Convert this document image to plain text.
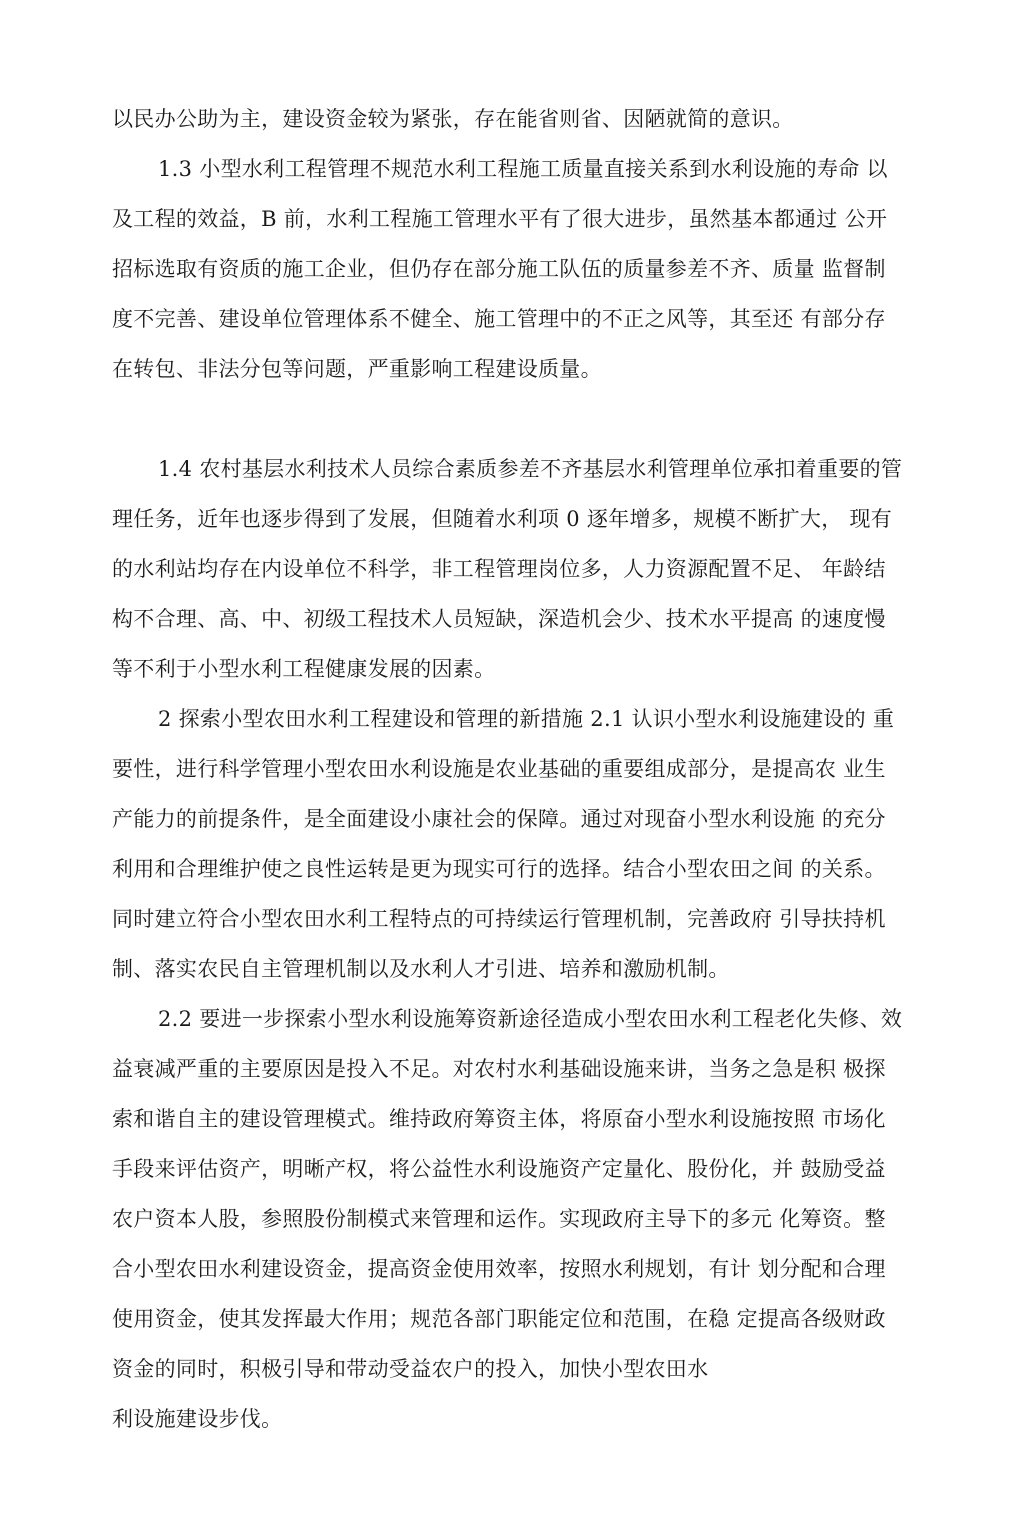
以民办公助为主，建设资金较为紧张，存在能省则省、因陋就简的意识。
1.3 小型水利工程管理不规范水利工程施工质量直接关系到水利设施的寿命 以
及工程的效益，B 前，水利工程施工管理水平有了很大进步，虽然基本都通过 公开
招标选取有资质的施工企业，但仍存在部分施工队伍的质量参差不齐、质量 监督制
度不完善、建设单位管理体系不健全、施工管理中的不正之风等，其至还 有部分存
在转包、非法分包等问题，严重影响工程建设质量。
1.4 农村基层水利技术人员综合素质参差不齐基层水利管理单位承扣着重要的管
理任务，近年也逐步得到了发展，但随着水利项 0 逐年增多，规模不断扩大， 现有
的水利站均存在内设单位不科学，非工程管理岗位多，人力资源配置不足、 年龄结
构不合理、高、中、初级工程技术人员短缺，深造机会少、技术水平提高 的速度慢
等不利于小型水利工程健康发展的因素。
2 探索小型农田水利工程建设和管理的新措施 2.1 认识小型水利设施建设的 重
要性，进行科学管理小型农田水利设施是农业基础的重要组成部分，是提高农 业生
产能力的前提条件，是全面建设小康社会的保障。通过对现奋小型水利设施 的充分
利用和合理维护使之良性运转是更为现实可行的选择。结合小型农田之间 的关系。
同时建立符合小型农田水利工程特点的可持续运行管理机制，完善政府 引导扶持机
制、落实农民自主管理机制以及水利人才引进、培养和激励机制。
2.2 要进一步探索小型水利设施筹资新途径造成小型农田水利工程老化失修、效
益衰减严重的主要原因是投入不足。对农村水利基础设施来讲，当务之急是积 极探
索和谐自主的建设管理模式。维持政府筹资主体，将原奋小型水利设施按照 市场化
手段来评估资产，明晰产权，将公益性水利设施资产定量化、股份化，并 鼓励受益
农户资本人股，参照股份制模式来管理和运作。实现政府主导下的多元 化筹资。整
合小型农田水利建设资金，提高资金使用效率，按照水利规划，有计 划分配和合理
使用资金，使其发挥最大作用；规范各部门职能定位和范围，在稳 定提高各级财政
资金的同时，积极引导和带动受益农户的投入，加快小型农田水
利设施建设步伐。
